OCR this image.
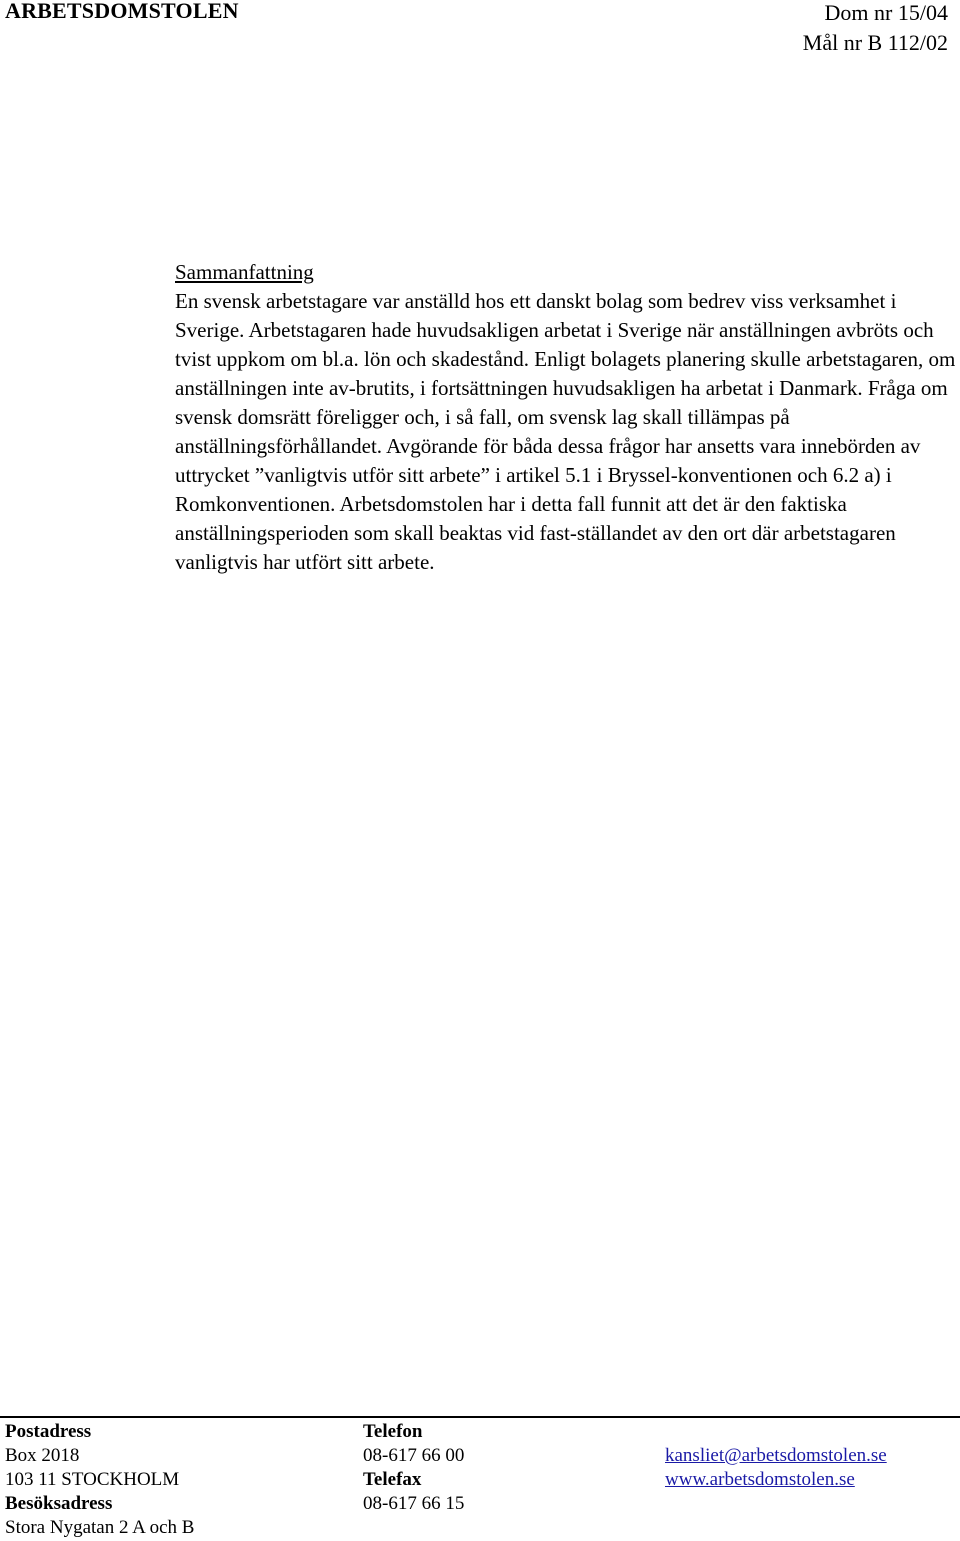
ARBETSDOMSTOLEN	Dom nr 15/04
Mål nr B 112/02
Sammanfattning

En svensk arbetstagare var anställd hos ett danskt bolag som bedrev viss verksamhet i Sverige. Arbetstagaren hade huvudsakligen arbetat i Sverige när anställningen avbröts och tvist uppkom om bl.a. lön och skadestånd. Enligt bolagets planering skulle arbetstagaren, om anställningen inte av-brutits, i fortsättningen huvudsakligen ha arbetat i Danmark. Fråga om svensk domsrätt föreligger och, i så fall, om svensk lag skall tillämpas på anställningsförhållandet. Avgörande för båda dessa frågor har ansetts vara innebörden av uttrycket ”vanligtvis utför sitt arbete” i artikel 5.1 i Bryssel-konventionen och 6.2 a) i Romkonventionen. Arbetsdomstolen har i detta fall funnit att det är den faktiska anställningsperioden som skall beaktas vid fast-ställandet av den ort där arbetstagaren vanligtvis har utfört sitt arbete.

Postadress
Box 2018
103 11 STOCKHOLM
Besöksadress
Stora Nygatan 2 A och B
Telefon
08-617 66 00
Telefax
08-617 66 15
kansliet@arbetsdomstolen.se
www.arbetsdomstolen.se
